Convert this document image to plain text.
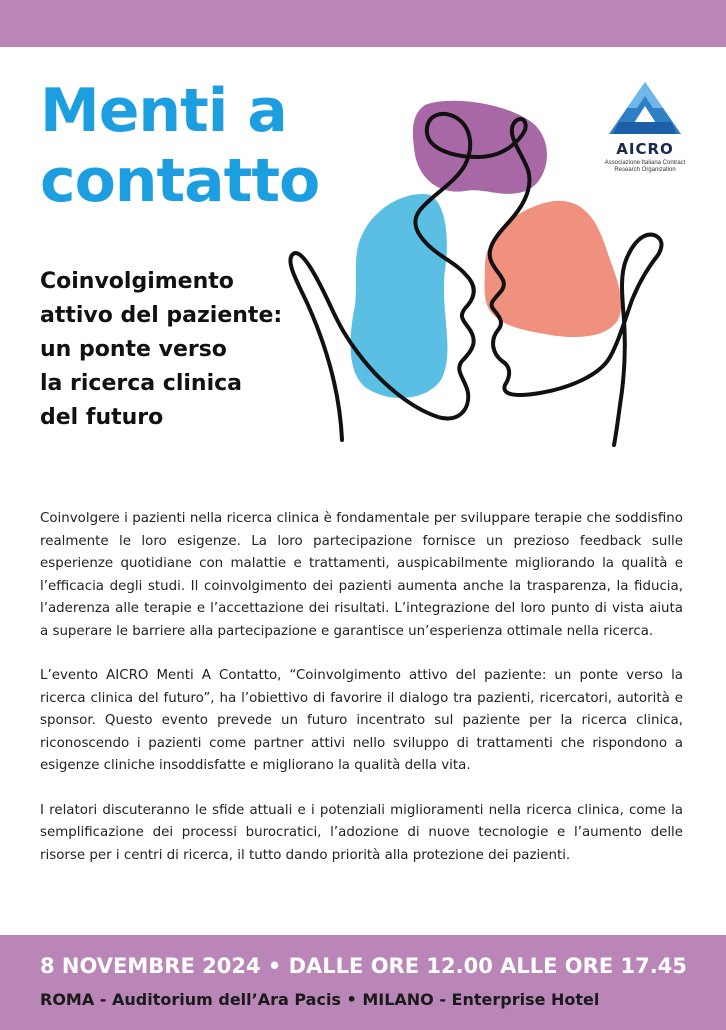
Menti a
contatto
Coinvolgimento
attivo del paziente:
un ponte verso
la ricerca clinica
del futuro
AICRO
Associazione Italiana Contract
Research Organization

Coinvolgere i pazienti nella ricerca clinica è fondamentale per sviluppare terapie che soddisfino realmente le loro esigenze. La loro partecipazione fornisce un prezioso feedback sulle esperienze quotidiane con malattie e trattamenti, auspicabilmente migliorando la qualità e l’efficacia degli studi. Il coinvolgimento dei pazienti aumenta anche la trasparenza, la fiducia, l’aderenza alle terapie e l’accettazione dei risultati. L’integrazione del loro punto di vista aiuta a superare le barriere alla partecipazione e garantisce un’esperienza ottimale nella ricerca.

L’evento AICRO Menti A Contatto, “Coinvolgimento attivo del paziente: un ponte verso la ricerca clinica del futuro”, ha l’obiettivo di favorire il dialogo tra pazienti, ricercatori, autorità e sponsor. Questo evento prevede un futuro incentrato sul paziente per la ricerca clinica, riconoscendo i pazienti come partner attivi nello sviluppo di trattamenti che rispondono a esigenze cliniche insoddisfatte e migliorano la qualità della vita.

I relatori discuteranno le sfide attuali e i potenziali miglioramenti nella ricerca clinica, come la semplificazione dei processi burocratici, l’adozione di nuove tecnologie e l’aumento delle risorse per i centri di ricerca, il tutto dando priorità alla protezione dei pazienti.

8 NOVEMBRE 2024 • DALLE ORE 12.00 ALLE ORE 17.45
ROMA - Auditorium dell’Ara Pacis • MILANO - Enterprise Hotel
